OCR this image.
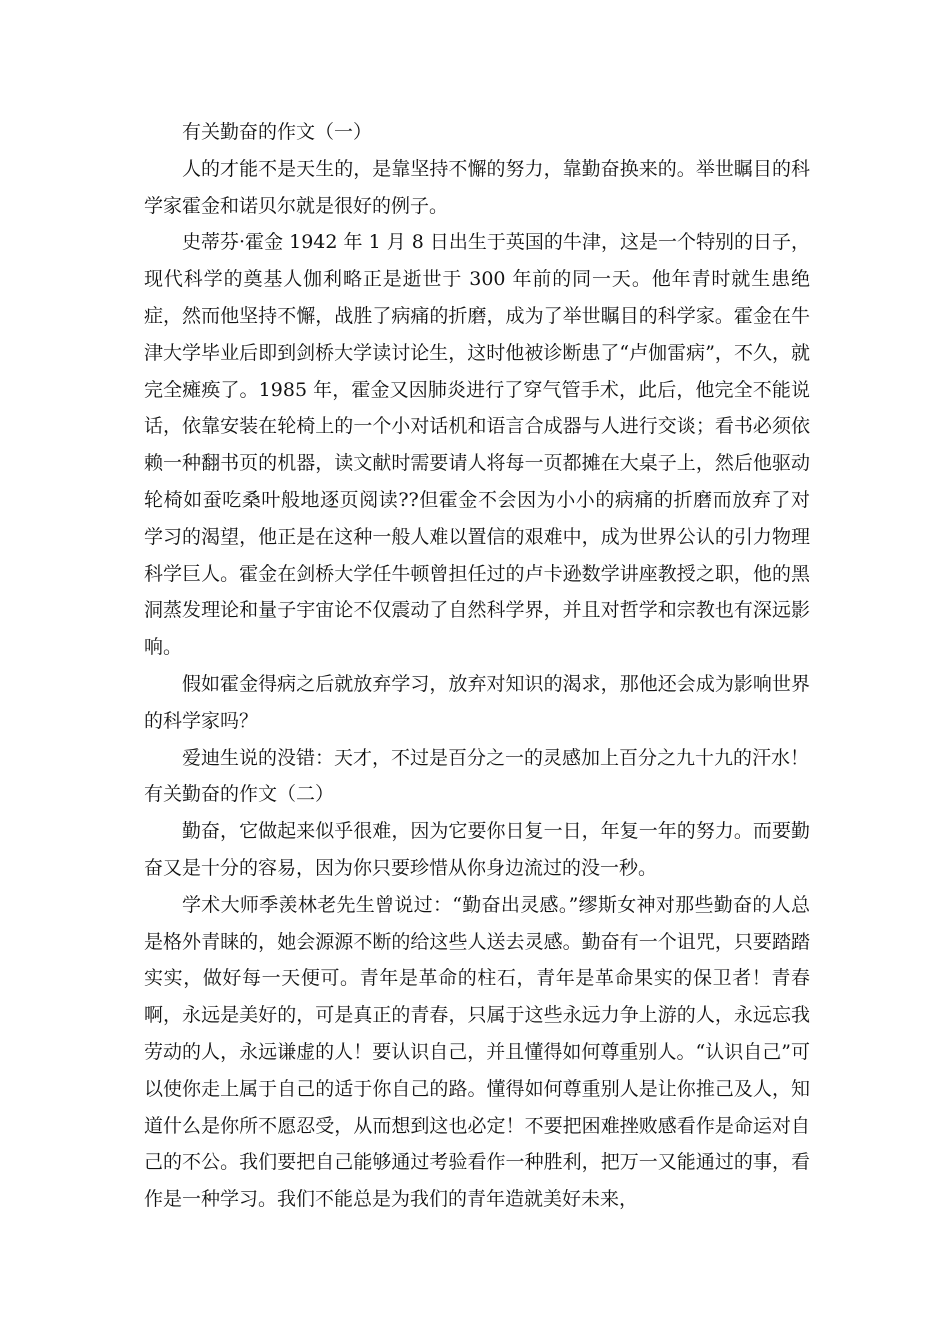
有关勤奋的作文（一）

人的才能不是天生的，是靠坚持不懈的努力，靠勤奋换来的。举世瞩目的科学家霍金和诺贝尔就是很好的例子。

史蒂芬·霍金 1942 年 1 月 8 日出生于英国的牛津，这是一个特别的日子，现代科学的奠基人伽利略正是逝世于 300 年前的同一天。他年青时就生患绝症，然而他坚持不懈，战胜了病痛的折磨，成为了举世瞩目的科学家。霍金在牛津大学毕业后即到剑桥大学读讨论生，这时他被诊断患了“卢伽雷病”，不久，就完全瘫痪了。1985 年，霍金又因肺炎进行了穿气管手术，此后，他完全不能说话，依靠安装在轮椅上的一个小对话机和语言合成器与人进行交谈；看书必须依赖一种翻书页的机器，读文献时需要请人将每一页都摊在大桌子上，然后他驱动轮椅如蚕吃桑叶般地逐页阅读??但霍金不会因为小小的病痛的折磨而放弃了对学习的渴望，他正是在这种一般人难以置信的艰难中，成为世界公认的引力物理科学巨人。霍金在剑桥大学任牛顿曾担任过的卢卡逊数学讲座教授之职，他的黑洞蒸发理论和量子宇宙论不仅震动了自然科学界，并且对哲学和宗教也有深远影响。

假如霍金得病之后就放弃学习，放弃对知识的渴求，那他还会成为影响世界的科学家吗？

爱迪生说的没错：天才，不过是百分之一的灵感加上百分之九十九的汗水！

有关勤奋的作文（二）

勤奋，它做起来似乎很难，因为它要你日复一日，年复一年的努力。而要勤奋又是十分的容易，因为你只要珍惜从你身边流过的没一秒。

学术大师季羡林老先生曾说过：“勤奋出灵感。”缪斯女神对那些勤奋的人总是格外青睐的，她会源源不断的给这些人送去灵感。勤奋有一个诅咒，只要踏踏实实，做好每一天便可。青年是革命的柱石，青年是革命果实的保卫者！青春啊，永远是美好的，可是真正的青春，只属于这些永远力争上游的人，永远忘我劳动的人，永远谦虚的人！要认识自己，并且懂得如何尊重别人。“认识自己”可以使你走上属于自己的适于你自己的路。懂得如何尊重别人是让你推己及人，知道什么是你所不愿忍受，从而想到这也必定！不要把困难挫败感看作是命运对自己的不公。我们要把自己能够通过考验看作一种胜利，把万一又能通过的事，看作是一种学习。我们不能总是为我们的青年造就美好未来，
